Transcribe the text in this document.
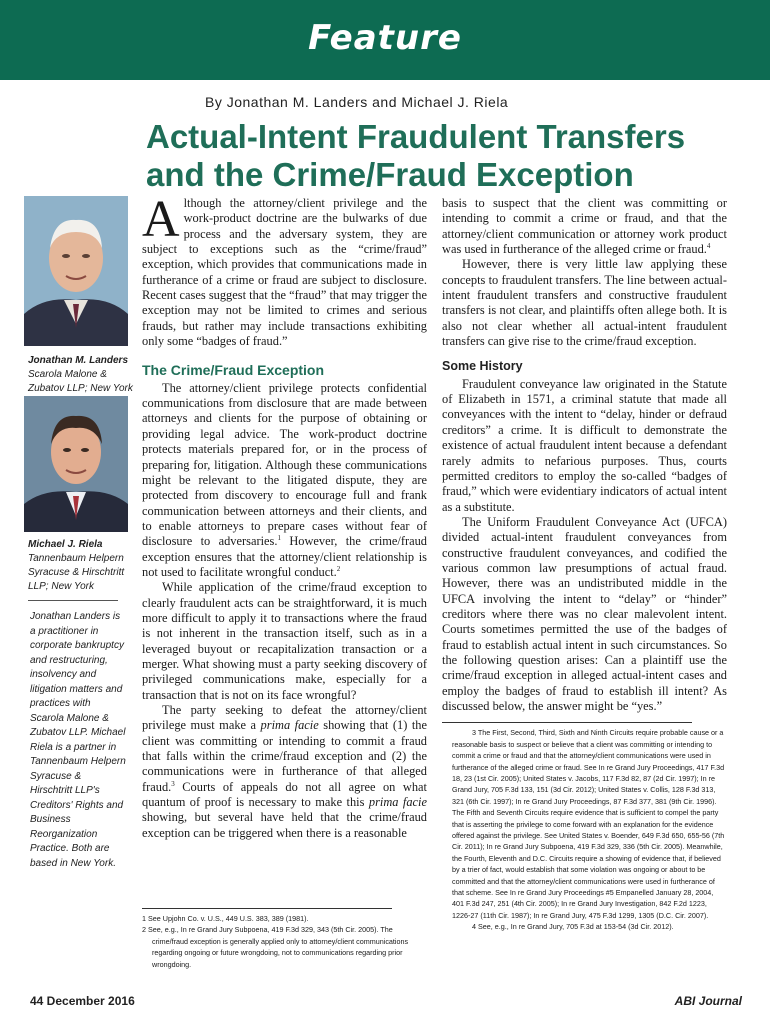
Feature
By Jonathan M. Landers and Michael J. Riela
Actual-Intent Fraudulent Transfers
and the Crime/Fraud Exception
Jonathan M. Landers
Scarola Malone &
Zubatov LLP; New York
Michael J. Riela
Tannenbaum Helpern
Syracuse & Hirschtritt
LLP; New York
Jonathan Landers is a practitioner in corporate bankruptcy and restructuring, insolvency and litigation matters and practices with Scarola Malone & Zubatov LLP. Michael Riela is a partner in Tannenbaum Helpern Syracuse & Hirschtritt LLP's Creditors' Rights and Business Reorganization Practice. Both are based in New York.

Although the attorney/client privilege and the work-product doctrine are the bulwarks of due process and the adversary system, they are subject to exceptions such as the “crime/fraud” exception, which provides that communications made in furtherance of a crime or fraud are subject to disclosure. Recent cases suggest that the “fraud” that may trigger the exception may not be limited to crimes and serious frauds, but rather may include transactions exhibiting only some “badges of fraud.”

The Crime/Fraud Exception

The attorney/client privilege protects confidential communications from disclosure that are made between attorneys and clients for the purpose of obtaining or providing legal advice. The work-product doctrine protects materials prepared for, or in the process of preparing for, litigation. Although these communications might be relevant to the litigated dispute, they are protected from discovery to encourage full and frank communication between attorneys and their clients, and to enable attorneys to prepare cases without fear of disclosure to adversaries.$^1$ However, the crime/fraud exception ensures that the attorney/client relationship is not used to facilitate wrongful conduct.$^2$

While application of the crime/fraud exception to clearly fraudulent acts can be straightforward, it is much more difficult to apply it to transactions where the fraud is not inherent in the transaction itself, such as in a leveraged buyout or recapitalization transaction or a merger. What showing must a party seeking discovery of privileged communications make, especially for a transaction that is not on its face wrongful?

The party seeking to defeat the attorney/client privilege must make a prima facie showing that (1) the client was committing or intending to commit a fraud that falls within the crime/fraud exception and (2) the communications were in furtherance of that alleged fraud.$^3$ Courts of appeals do not all agree on what quantum of proof is necessary to make this prima facie showing, but several have held that the crime/fraud exception can be triggered when there is a reasonable

1 See Upjohn Co. v. U.S., 449 U.S. 383, 389 (1981).

2 See, e.g., In re Grand Jury Subpoena, 419 F.3d 329, 343 (5th Cir. 2005). The crime/fraud exception is generally applied only to attorney/client communications regarding ongoing or future wrongdoing, not to communications regarding prior wrongdoing.

basis to suspect that the client was committing or intending to commit a crime or fraud, and that the attorney/client communication or attorney work product was used in furtherance of the alleged crime or fraud.$^4$

However, there is very little law applying these concepts to fraudulent transfers. The line between actual-intent fraudulent transfers and constructive fraudulent transfers is not clear, and plaintiffs often allege both. It is also not clear whether all actual-intent fraudulent transfers can give rise to the crime/fraud exception.

Some History

Fraudulent conveyance law originated in the Statute of Elizabeth in 1571, a criminal statute that made all conveyances with the intent to “delay, hinder or defraud creditors” a crime. It is difficult to demonstrate the existence of actual fraudulent intent because a defendant rarely admits to nefarious purposes. Thus, courts permitted creditors to employ the so-called “badges of fraud,” which were evidentiary indicators of actual intent as a substitute.

The Uniform Fraudulent Conveyance Act (UFCA) divided actual-intent fraudulent conveyances from constructive fraudulent conveyances, and codified the various common law presumptions of actual fraud. However, there was an undistributed middle in the UFCA involving the intent to “delay” or “hinder” creditors where there was no clear malevolent intent. Courts sometimes permitted the use of the badges of fraud to establish actual intent in such circumstances. So the following question arises: Can a plaintiff use the crime/fraud exception in alleged actual-intent cases and employ the badges of fraud to establish ill intent? As discussed below, the answer might be “yes.”

3 The First, Second, Third, Sixth and Ninth Circuits require probable cause or a reasonable basis to suspect or believe that a client was committing or intending to commit a crime or fraud and that the attorney/client communications were used in furtherance of the alleged crime or fraud. See In re Grand Jury Proceedings, 417 F.3d 18, 23 (1st Cir. 2005); United States v. Jacobs, 117 F.3d 82, 87 (2d Cir. 1997); In re Grand Jury, 705 F.3d 133, 151 (3d Cir. 2012); United States v. Collis, 128 F.3d 313, 321 (6th Cir. 1997); In re Grand Jury Proceedings, 87 F.3d 377, 381 (9th Cir. 1996). The Fifth and Seventh Circuits require evidence that is sufficient to compel the party that is asserting the privilege to come forward with an explanation for the evidence offered against the privilege. See United States v. Boender, 649 F.3d 650, 655-56 (7th Cir. 2011); In re Grand Jury Subpoena, 419 F.3d 329, 336 (5th Cir. 2005). Meanwhile, the Fourth, Eleventh and D.C. Circuits require a showing of evidence that, if believed by a trier of fact, would establish that some violation was ongoing or about to be committed and that the attorney/client communications were used in furtherance of that scheme. See In re Grand Jury Proceedings #5 Empanelled January 28, 2004, 401 F.3d 247, 251 (4th Cir. 2005); In re Grand Jury Investigation, 842 F.2d 1223, 1226-27 (11th Cir. 1987); In re Grand Jury, 475 F.3d 1299, 1305 (D.C. Cir. 2007).

4 See, e.g., In re Grand Jury, 705 F.3d at 153-54 (3d Cir. 2012).

44 December 2016	ABI Journal
